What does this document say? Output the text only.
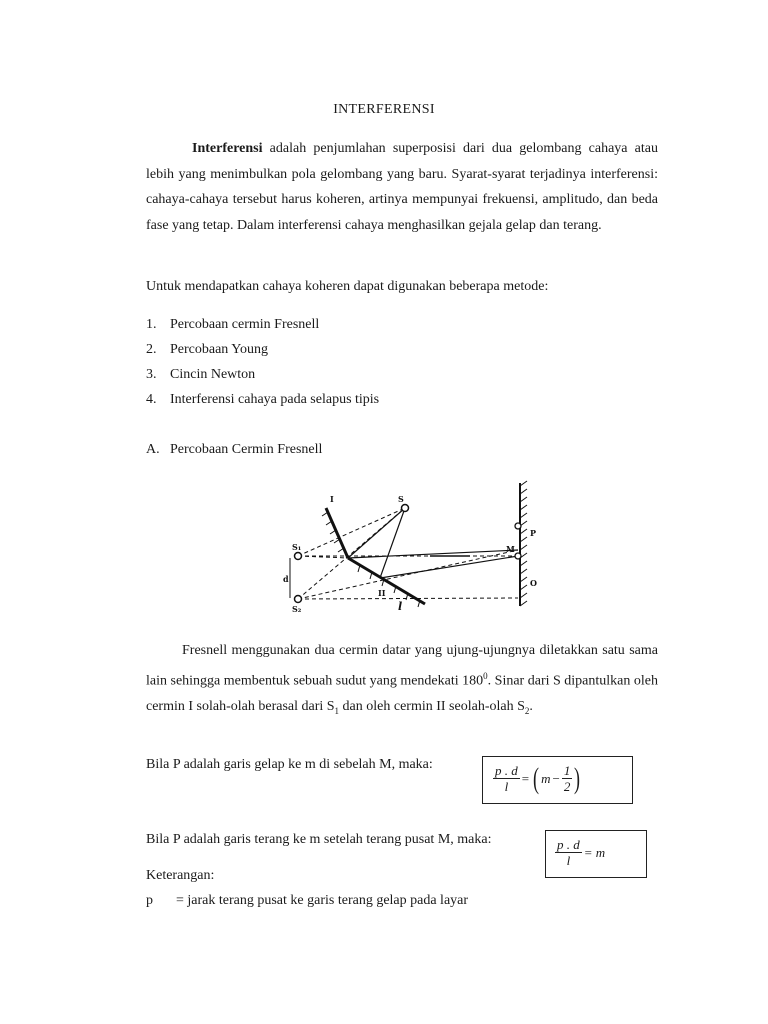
INTERFERENSI
Interferensi adalah penjumlahan superposisi dari dua gelombang cahaya atau lebih yang menimbulkan pola gelombang yang baru. Syarat-syarat terjadinya interferensi: cahaya-cahaya tersebut harus koheren, artinya mempunyai frekuensi, amplitudo, dan beda fase yang tetap. Dalam interferensi cahaya menghasilkan gejala gelap dan terang.
Untuk mendapatkan cahaya koheren dapat digunakan beberapa metode:
1. Percobaan cermin Fresnell
2. Percobaan Young
3. Cincin Newton
4. Interferensi cahaya pada selapus tipis
A. Percobaan Cermin Fresnell
I
II
S
S₁
S₂
d
l
P
M
O
Fresnell menggunakan dua cermin datar yang ujung-ujungnya diletakkan satu sama lain sehingga membentuk sebuah sudut yang mendekati $180^0$. Sinar dari S dipantulkan oleh cermin I solah-olah berasal dari $S_1$ dan oleh cermin II seolah-olah $S_2$.
Bila P adalah garis gelap ke m di sebelah M, maka:	$\frac{p . d}{l}$ = ( $m - \frac{1}{2}$ )
Bila P adalah garis terang ke m setelah terang pusat M, maka:	$\frac{p . d}{l} = m$
Keterangan:
p = jarak terang pusat ke garis terang gelap pada layar
